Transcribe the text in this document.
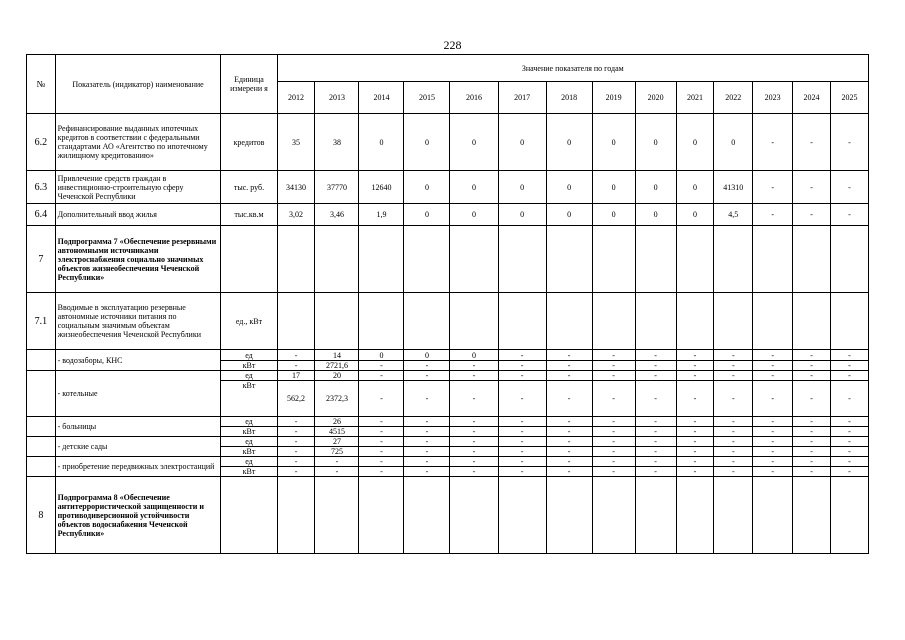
228
№	Показатель (индикатор) наименование	Единица измерени я	Значение показателя по годам													
			2012	2013	2014	2015	2016	2017	2018	2019	2020	2021	2022	2023	2024	2025
6.2	Рефинансирование выданных ипотечных кредитов в соответствии с федеральными стандартами АО «Агентство по ипотечному жилищному кредитованию»	кредитов	35	38	0	0	0	0	0	0	0	0	0	-	-	-
6.3	Привлечение средств граждан в инвестиционно-строительную сферу Чеченской Республики	тыс. руб.	34130	37770	12640	0	0	0	0	0	0	0	41310	-	-	-
6.4	Дополнительный ввод жилья	тыс.кв.м	3,02	3,46	1,9	0	0	0	0	0	0	0	4,5	-	-	-
7	Подпрограмма 7 «Обеспечение резервными автономными источниками электроснабжения социально значимых объектов жизнеобеспечения Чеченской Республики»															
7.1	Вводимые в эксплуатацию резервные автономные источники питания по социальным значимым объектам жизнеобеспечения Чеченской Республики	ед., кВт														
	- водозаборы, КНС	ед	-	14	0	0	0	-	-	-	-	-	-	-	-	-
		кВт	-	2721,6	-	-	-	-	-	-	-	-	-	-	-	-
	- котельные	ед	17	20	-	-	-	-	-	-	-	-	-	-	-	-
		кВт	562,2	2372,3	-	-	-	-	-	-	-	-	-	-	-	-
	- больницы	ед	-	26	-	-	-	-	-	-	-	-	-	-	-	-
		кВт	-	4515	-	-	-	-	-	-	-	-	-	-	-	-
	- детские сады	ед	-	27	-	-	-	-	-	-	-	-	-	-	-	-
		кВт	-	725	-	-	-	-	-	-	-	-	-	-	-	-
	- приобретение передвижных электростанций	ед	-	-	-	-	-	-	-	-	-	-	-	-	-	-
		кВт	-	-	-	-	-	-	-	-	-	-	-	-	-	-
8	Подпрограмма 8 «Обеспечение антитеррористической защищенности и противодиверсионной устойчивости объектов водоснабжения Чеченской Республики»															
